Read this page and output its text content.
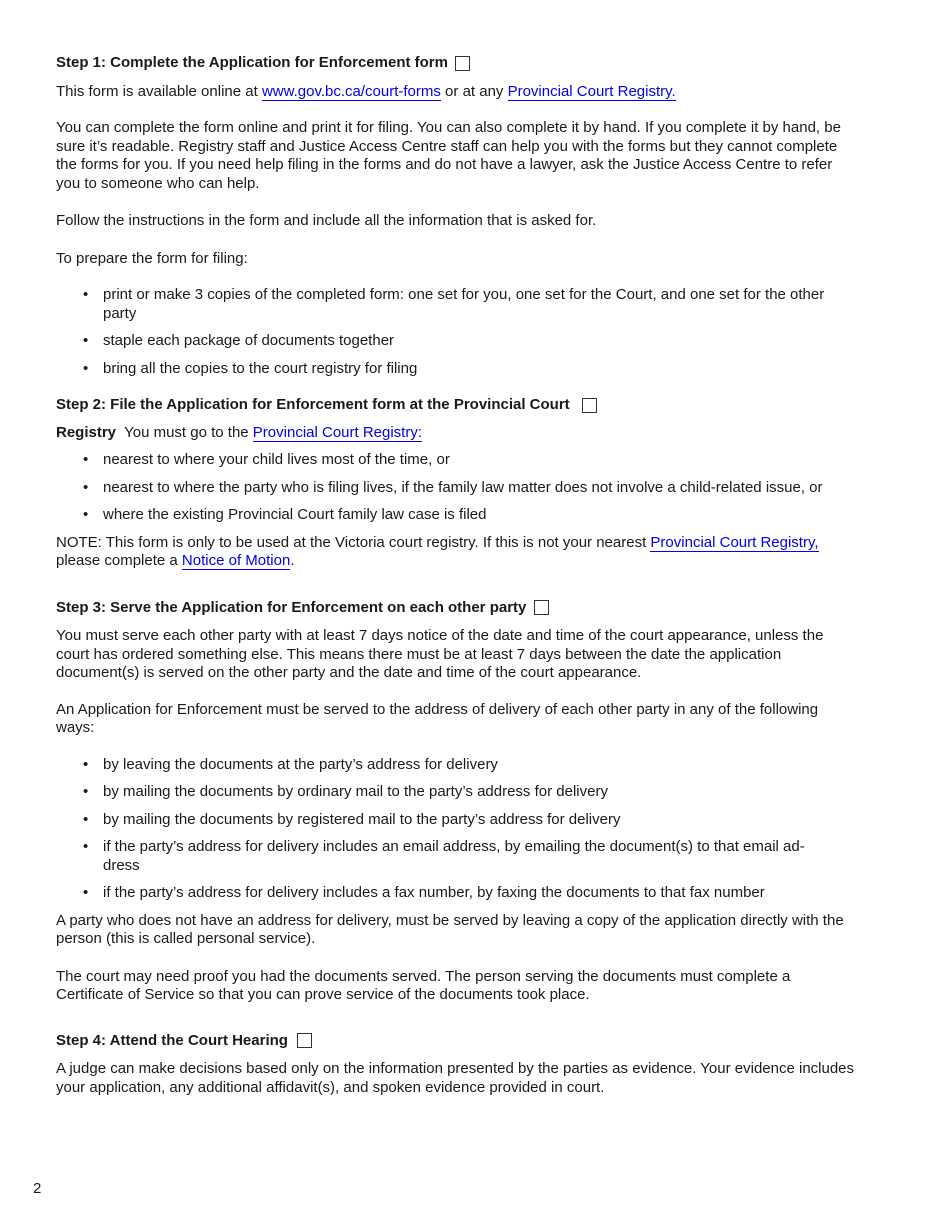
Step 1: Complete the Application for Enforcement form

This form is available online at www.gov.bc.ca/court-forms or at any Provincial Court Registry.

You can complete the form online and print it for filing. You can also complete it by hand. If you complete it by hand, be sure it’s readable. Registry staff and Justice Access Centre staff can help you with the forms but they cannot complete the forms for you. If you need help filing in the forms and do not have a lawyer, ask the Justice Access Centre to refer you to someone who can help.

Follow the instructions in the form and include all the information that is asked for.

To prepare the form for filing:

• print or make 3 copies of the completed form: one set for you, one set for the Court, and one set for the other party
• staple each package of documents together
• bring all the copies to the court registry for filing
Step 2: File the Application for Enforcement form at the Provincial Court

Registry  You must go to the Provincial Court Registry:

• nearest to where your child lives most of the time, or
• nearest to where the party who is filing lives, if the family law matter does not involve a child-related issue, or
• where the existing Provincial Court family law case is filed

NOTE: This form is only to be used at the Victoria court registry. If this is not your nearest Provincial Court Registry, please complete a Notice of Motion.

Step 3: Serve the Application for Enforcement on each other party

You must serve each other party with at least 7 days notice of the date and time of the court appearance, unless the court has ordered something else. This means there must be at least 7 days between the date the application document(s) is served on the other party and the date and time of the court appearance.

An Application for Enforcement must be served to the address of delivery of each other party in any of the following ways:

• by leaving the documents at the party’s address for delivery
• by mailing the documents by ordinary mail to the party’s address for delivery
• by mailing the documents by registered mail to the party’s address for delivery
• if the party’s address for delivery includes an email address, by emailing the document(s) to that email ad-dress
• if the party’s address for delivery includes a fax number, by faxing the documents to that fax number

A party who does not have an address for delivery, must be served by leaving a copy of the application directly with the person (this is called personal service).

The court may need proof you had the documents served. The person serving the documents must complete a Certificate of Service so that you can prove service of the documents took place.

Step 4: Attend the Court Hearing

A judge can make decisions based only on the information presented by the parties as evidence. Your evidence includes your application, any additional affidavit(s), and spoken evidence provided in court.

2
